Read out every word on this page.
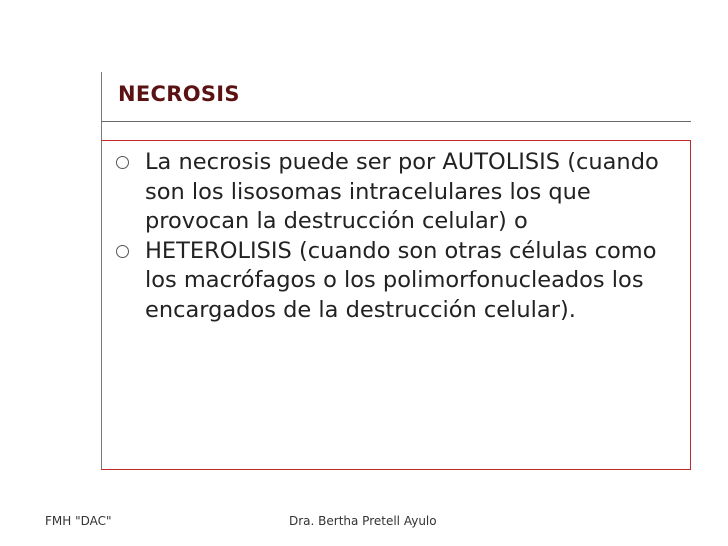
NECROSIS
La necrosis puede ser por AUTOLISIS (cuando son los lisosomas intracelulares los que provocan la destrucción celular) o
HETEROLISIS (cuando son otras células como los macrófagos o los polimorfonucleados los encargados de la destrucción celular).
FMH "DAC"	Dra. Bertha Pretell Ayulo
